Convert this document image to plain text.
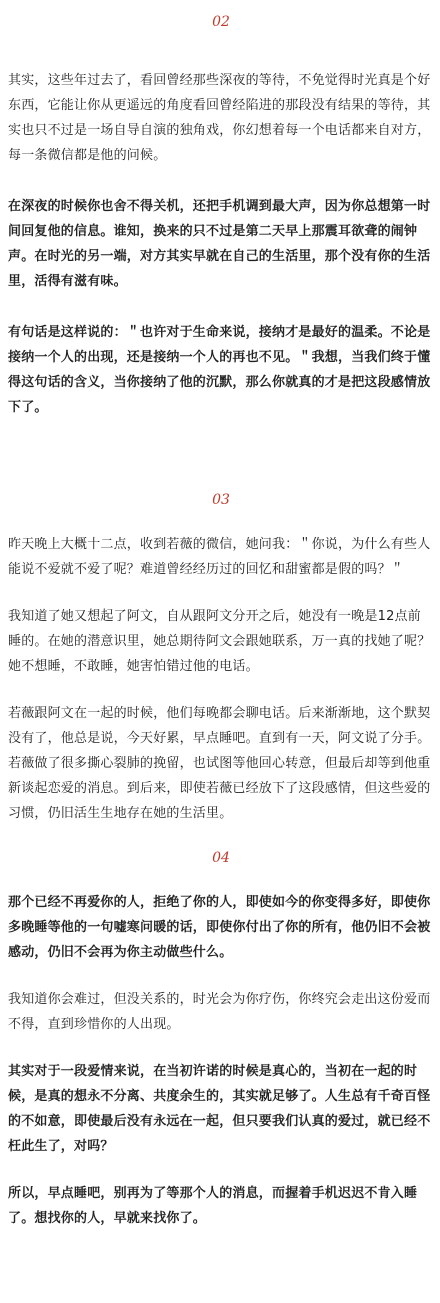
02

其实，这些年过去了，看回曾经那些深夜的等待，不免觉得时光真是个好东西，它能让你从更遥远的角度看回曾经陷进的那段没有结果的等待，其实也只不过是一场自导自演的独角戏，你幻想着每一个电话都来自对方，每一条微信都是他的问候。

在深夜的时候你也舍不得关机，还把手机调到最大声，因为你总想第一时间回复他的信息。谁知，换来的只不过是第二天早上那震耳欲聋的闹钟声。在时光的另一端，对方其实早就在自己的生活里，那个没有你的生活里，活得有滋有味。

有句话是这样说的：＂也许对于生命来说，接纳才是最好的温柔。不论是接纳一个人的出现，还是接纳一个人的再也不见。＂我想，当我们终于懂得这句话的含义，当你接纳了他的沉默，那么你就真的才是把这段感情放下了。

03

昨天晚上大概十二点，收到若薇的微信，她问我：＂你说，为什么有些人能说不爱就不爱了呢？难道曾经经历过的回忆和甜蜜都是假的吗？＂

我知道了她又想起了阿文，自从跟阿文分开之后，她没有一晚是12点前睡的。在她的潜意识里，她总期待阿文会跟她联系，万一真的找她了呢？她不想睡，不敢睡，她害怕错过他的电话。

若薇跟阿文在一起的时候，他们每晚都会聊电话。后来渐渐地，这个默契没有了，他总是说，今天好累，早点睡吧。直到有一天，阿文说了分手。若薇做了很多撕心裂肺的挽留，也试图等他回心转意，但最后却等到他重新谈起恋爱的消息。到后来，即使若薇已经放下了这段感情，但这些爱的习惯，仍旧活生生地存在她的生活里。

04

那个已经不再爱你的人，拒绝了你的人，即使如今的你变得多好，即使你多晚睡等他的一句嘘寒问暖的话，即使你付出了你的所有，他仍旧不会被感动，仍旧不会再为你主动做些什么。

我知道你会难过，但没关系的，时光会为你疗伤，你终究会走出这份爱而不得，直到珍惜你的人出现。

其实对于一段爱情来说，在当初许诺的时候是真心的，当初在一起的时候，是真的想永不分离、共度余生的，其实就足够了。人生总有千奇百怪的不如意，即使最后没有永远在一起，但只要我们认真的爱过，就已经不枉此生了，对吗？

所以，早点睡吧，别再为了等那个人的消息，而握着手机迟迟不肯入睡了。想找你的人，早就来找你了。
